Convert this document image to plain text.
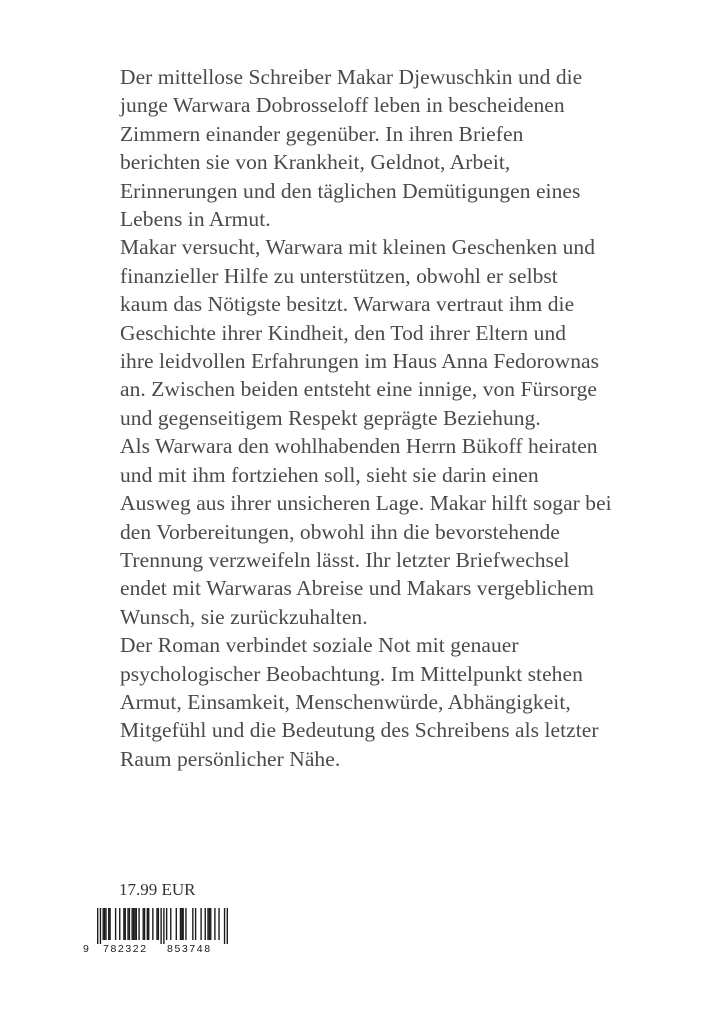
Der mittellose Schreiber Makar Djewuschkin und die
junge Warwara Dobrosseloff leben in bescheidenen
Zimmern einander gegenüber. In ihren Briefen
berichten sie von Krankheit, Geldnot, Arbeit,
Erinnerungen und den täglichen Demütigungen eines
Lebens in Armut.
Makar versucht, Warwara mit kleinen Geschenken und
finanzieller Hilfe zu unterstützen, obwohl er selbst
kaum das Nötigste besitzt. Warwara vertraut ihm die
Geschichte ihrer Kindheit, den Tod ihrer Eltern und
ihre leidvollen Erfahrungen im Haus Anna Fedorownas
an. Zwischen beiden entsteht eine innige, von Fürsorge
und gegenseitigem Respekt geprägte Beziehung.
Als Warwara den wohlhabenden Herrn Bükoff heiraten
und mit ihm fortziehen soll, sieht sie darin einen
Ausweg aus ihrer unsicheren Lage. Makar hilft sogar bei
den Vorbereitungen, obwohl ihn die bevorstehende
Trennung verzweifeln lässt. Ihr letzter Briefwechsel
endet mit Warwaras Abreise und Makars vergeblichem
Wunsch, sie zurückzuhalten.
Der Roman verbindet soziale Not mit genauer
psychologischer Beobachtung. Im Mittelpunkt stehen
Armut, Einsamkeit, Menschenwürde, Abhängigkeit,
Mitgefühl und die Bedeutung des Schreibens als letzter
Raum persönlicher Nähe.
17.99 EUR
9 782322 853748
